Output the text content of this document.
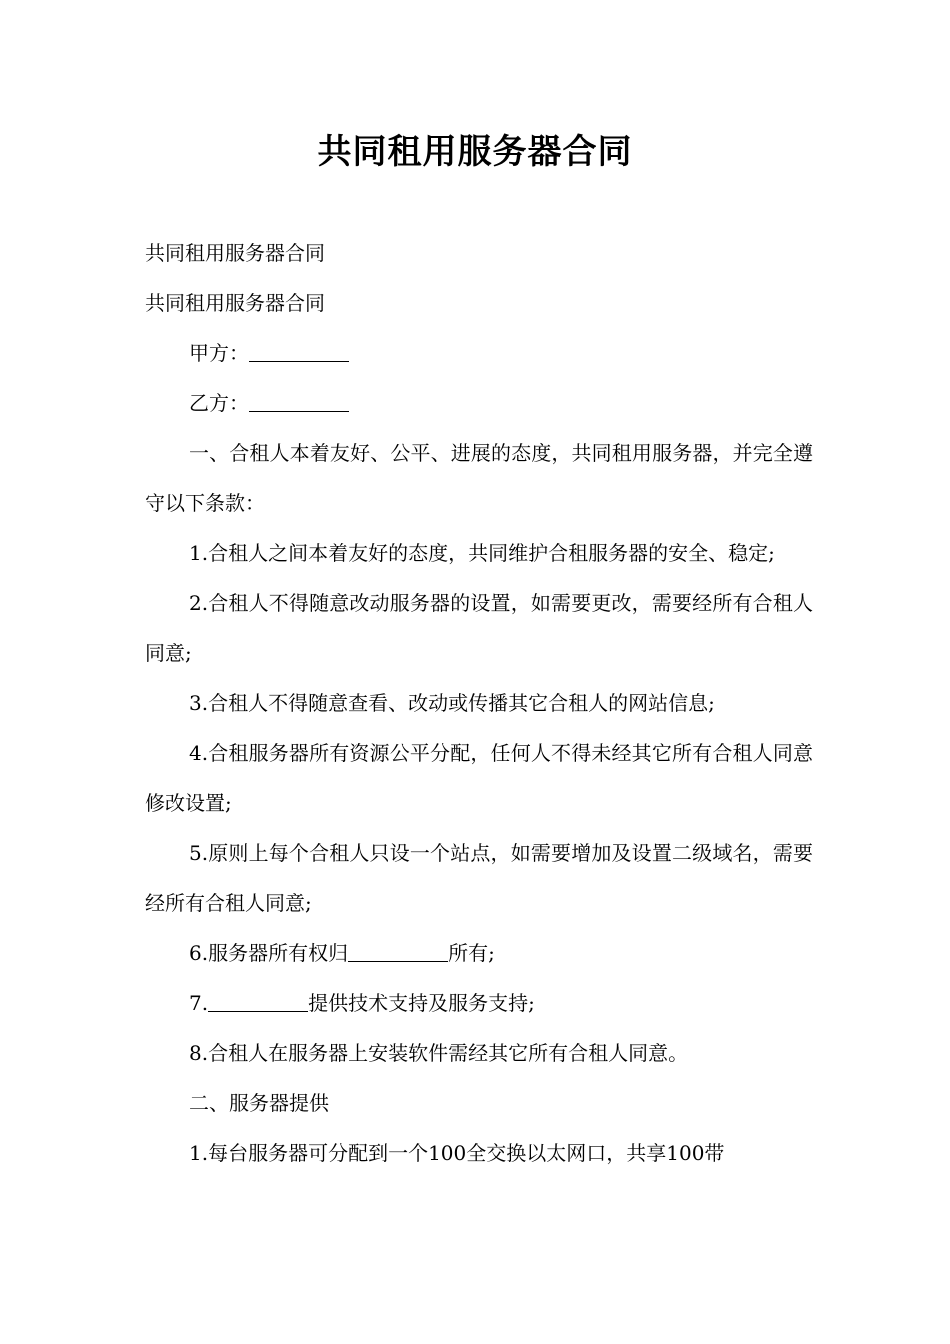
共同租用服务器合同

共同租用服务器合同

共同租用服务器合同

甲方：

乙方：

一、合租人本着友好、公平、进展的态度，共同租用服务器，并完全遵守以下条款：

1.合租人之间本着友好的态度，共同维护合租服务器的安全、稳定;

2.合租人不得随意改动服务器的设置，如需要更改，需要经所有合租人同意;

3.合租人不得随意查看、改动或传播其它合租人的网站信息;

4.合租服务器所有资源公平分配，任何人不得未经其它所有合租人同意修改设置;

5.原则上每个合租人只设一个站点，如需要增加及设置二级域名，需要经所有合租人同意;

6.服务器所有权归	所有;

7.	提供技术支持及服务支持;

8.合租人在服务器上安装软件需经其它所有合租人同意。

二、服务器提供

1.每台服务器可分配到一个100全交换以太网口，共享100带
